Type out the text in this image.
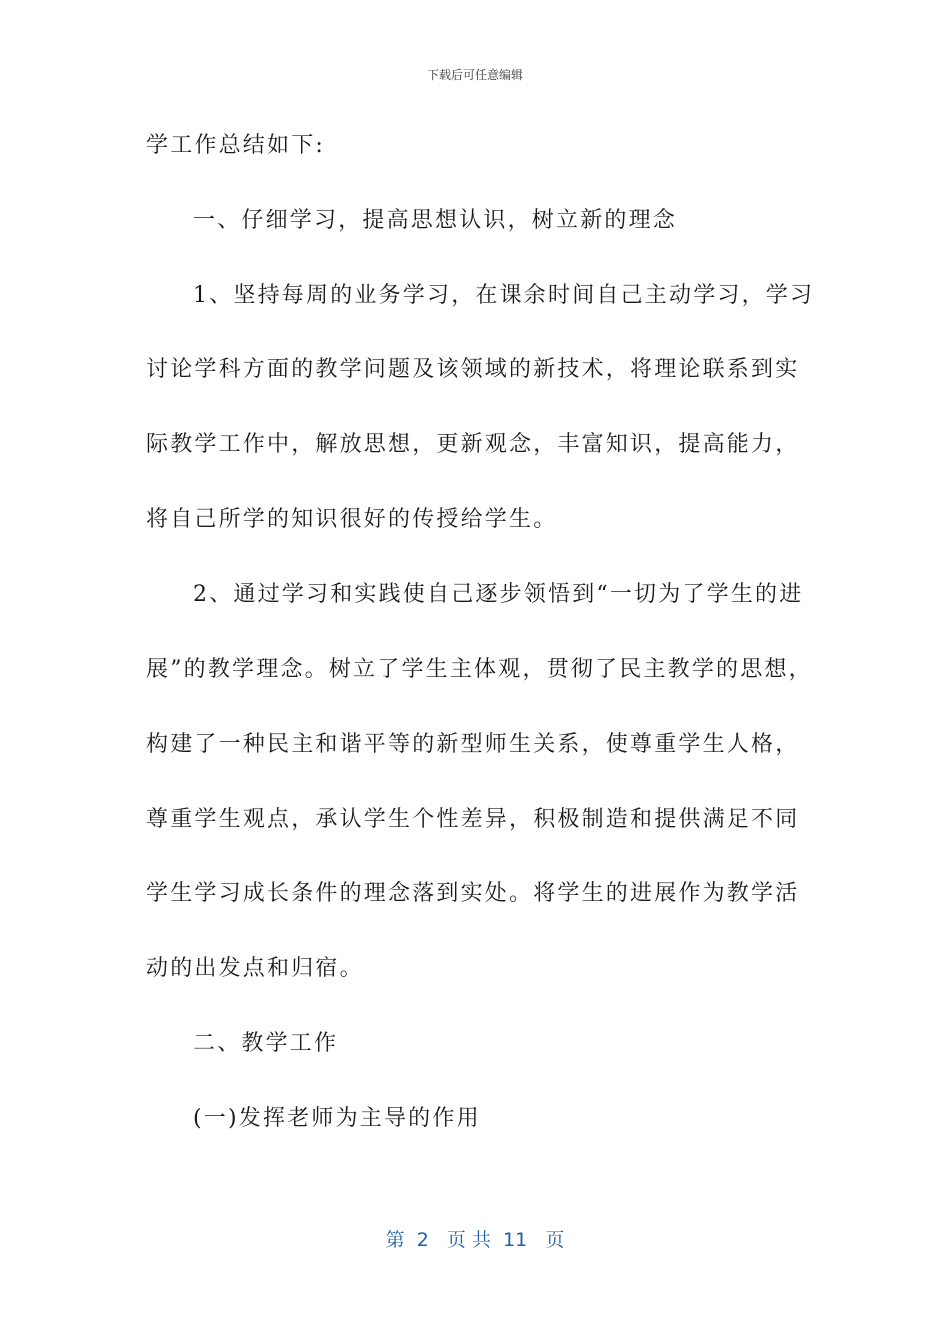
下载后可任意编辑
学工作总结如下:
一、仔细学习，提高思想认识，树立新的理念
1、坚持每周的业务学习，在课余时间自己主动学习，学习
讨论学科方面的教学问题及该领域的新技术，将理论联系到实
际教学工作中，解放思想，更新观念，丰富知识，提高能力，
将自己所学的知识很好的传授给学生。
2、通过学习和实践使自己逐步领悟到“一切为了学生的进
展”的教学理念。树立了学生主体观，贯彻了民主教学的思想，
构建了一种民主和谐平等的新型师生关系，使尊重学生人格，
尊重学生观点，承认学生个性差异，积极制造和提供满足不同
学生学习成长条件的理念落到实处。将学生的进展作为教学活
动的出发点和归宿。
二、教学工作
(一)发挥老师为主导的作用
第  2   页 共  11   页
